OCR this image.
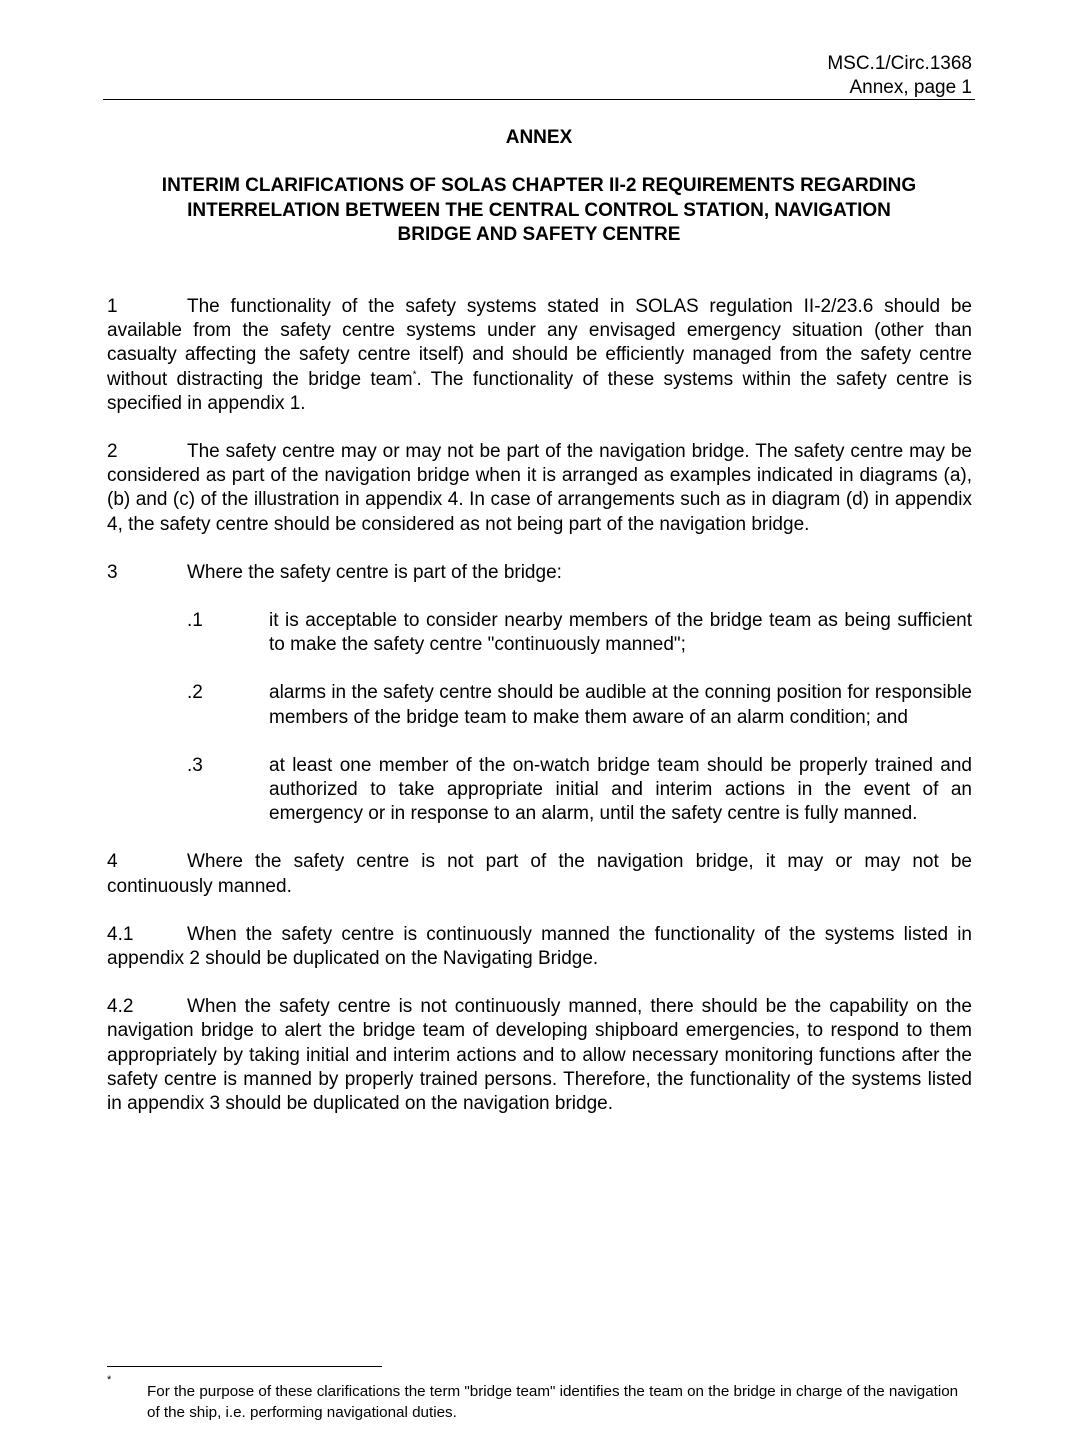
MSC.1/Circ.1368
Annex, page 1
ANNEX
INTERIM CLARIFICATIONS OF SOLAS CHAPTER II-2 REQUIREMENTS REGARDING
INTERRELATION BETWEEN THE CENTRAL CONTROL STATION, NAVIGATION
BRIDGE AND SAFETY CENTRE

1	The functionality of the safety systems stated in SOLAS regulation II-2/23.6 should be available from the safety centre systems under any envisaged emergency situation (other than casualty affecting the safety centre itself) and should be efficiently managed from the safety centre without distracting the bridge team*. The functionality of these systems within the safety centre is specified in appendix 1.

2	The safety centre may or may not be part of the navigation bridge. The safety centre may be considered as part of the navigation bridge when it is arranged as examples indicated in diagrams (a), (b) and (c) of the illustration in appendix 4. In case of arrangements such as in diagram (d) in appendix 4, the safety centre should be considered as not being part of the navigation bridge.

3	Where the safety centre is part of the bridge:

.1	it is acceptable to consider nearby members of the bridge team as being sufficient to make the safety centre "continuously manned";
.2	alarms in the safety centre should be audible at the conning position for responsible members of the bridge team to make them aware of an alarm condition; and
.3	at least one member of the on-watch bridge team should be properly trained and authorized to take appropriate initial and interim actions in the event of an emergency or in response to an alarm, until the safety centre is fully manned.

4	Where the safety centre is not part of the navigation bridge, it may or may not be continuously manned.

4.1	When the safety centre is continuously manned the functionality of the systems listed in appendix 2 should be duplicated on the Navigating Bridge.

4.2	When the safety centre is not continuously manned, there should be the capability on the navigation bridge to alert the bridge team of developing shipboard emergencies, to respond to them appropriately by taking initial and interim actions and to allow necessary monitoring functions after the safety centre is manned by properly trained persons. Therefore, the functionality of the systems listed in appendix 3 should be duplicated on the navigation bridge.

*
For the purpose of these clarifications the term "bridge team" identifies the team on the bridge in charge of the navigation of the ship, i.e. performing navigational duties.
